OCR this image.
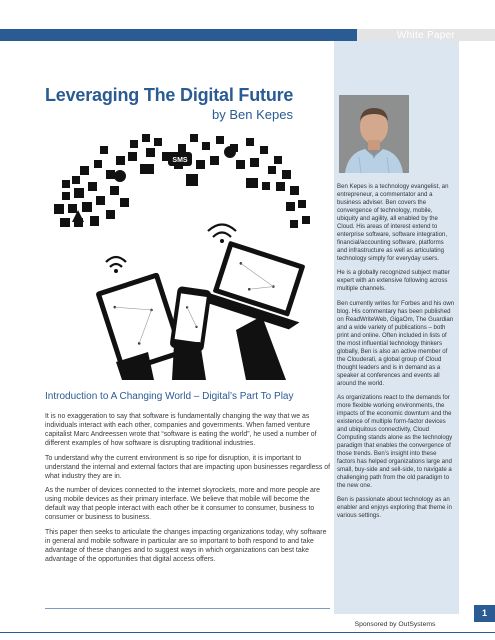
White Paper

Ben Kepes is a technology evangelist, an entrepreneur, a commentator and a business adviser. Ben covers the convergence of technology, mobile, ubiquity and agility, all enabled by the Cloud. His areas of interest extend to enterprise software, software integration, financial/accounting software, platforms and infrastructure as well as articulating technology simply for everyday users.

He is a globally recognized subject matter expert with an extensive following across multiple channels.

Ben currently writes for Forbes and his own blog. His commentary has been published on ReadWriteWeb, GigaOm, The Guardian and a wide variety of publications – both print and online. Often included in lists of the most influential technology thinkers globally, Ben is also an active member of the Clouderati, a global group of Cloud thought leaders and is in demand as a speaker at conferences and events all around the world.

As organizations react to the demands for more flexible working environments, the impacts of the economic downturn and the existence of multiple form-factor devices and ubiquitous connectivity, Cloud Computing stands alone as the technology paradigm that enables the convergence of those trends. Ben’s insight into these factors has helped organizations large and small, buy-side and sell-side, to navigate a challenging path from the old paradigm to the new one.

Ben is passionate about technology as an enabler and enjoys exploring that theme in various settings.

Leveraging The Digital Future
by Ben Kepes
SMS
Introduction to A Changing World – Digital’s Part To Play

It is no exaggeration to say that software is fundamentally changing the way that we as individuals interact with each other, companies and governments. When famed venture capitalist Marc Andreessen wrote that “software is eating the world”, he used a number of different examples of how software is disrupting traditional industries.

To understand why the current environment is so ripe for disruption, it is important to understand the internal and external factors that are impacting upon businesses regardless of what industry they are in.

As the number of devices connected to the internet skyrockets, more and more people are using mobile devices as their primary interface. We believe that mobile will become the default way that people interact with each other be it consumer to consumer, business to consumer or business to business.

This paper then seeks to articulate the changes impacting organizations today, why software in general and mobile software in particular are so important to both respond to and take advantage of these changes and to suggest ways in which organizations can best take advantage of the opportunities that digital access offers.

1
Sponsored by OutSystems
